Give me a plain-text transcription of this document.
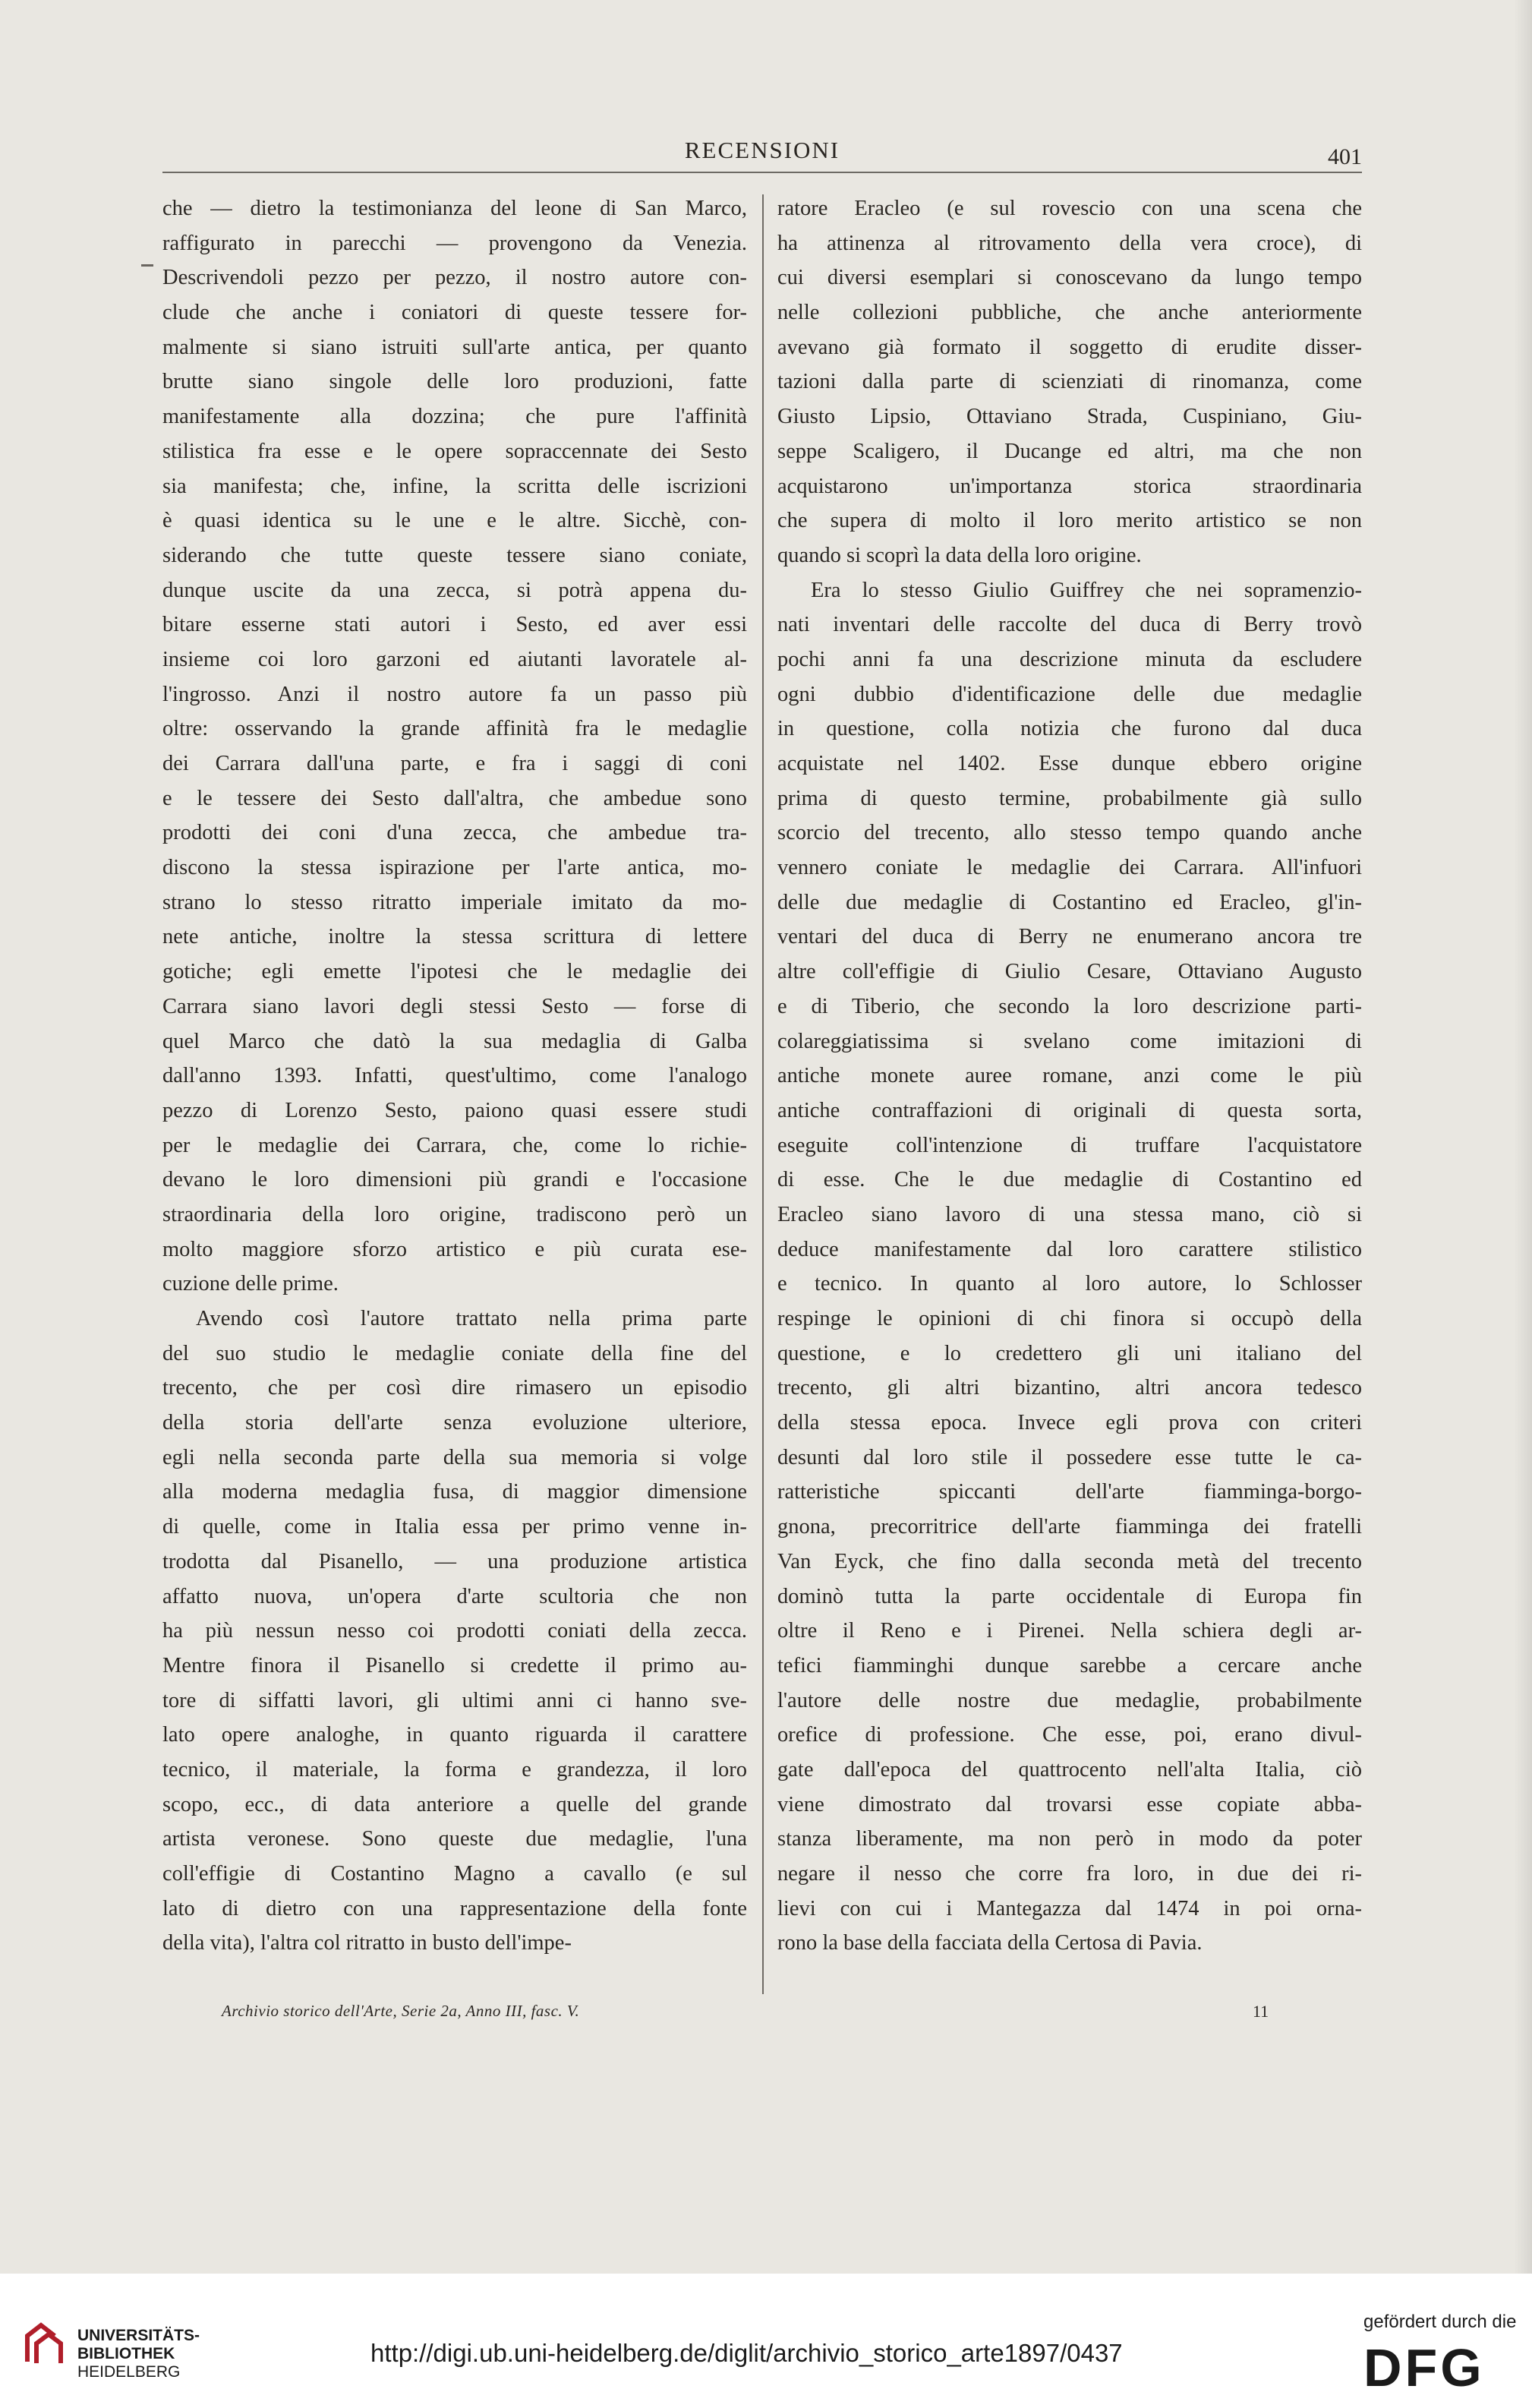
RECENSIONI	401
che — dietro la testimonianza del leone di San Marco,
raffigurato in parecchi — provengono da Venezia.
Descrivendoli pezzo per pezzo, il nostro autore con-
clude che anche i coniatori di queste tessere for-
malmente si siano istruiti sull'arte antica, per quanto
brutte siano singole delle loro produzioni, fatte
manifestamente alla dozzina; che pure l'affinità
stilistica fra esse e le opere sopraccennate dei Sesto
sia manifesta; che, infine, la scritta delle iscrizioni
è quasi identica su le une e le altre. Sicchè, con-
siderando che tutte queste tessere siano coniate,
dunque uscite da una zecca, si potrà appena du-
bitare esserne stati autori i Sesto, ed aver essi
insieme coi loro garzoni ed aiutanti lavoratele al-
l'ingrosso. Anzi il nostro autore fa un passo più
oltre: osservando la grande affinità fra le medaglie
dei Carrara dall'una parte, e fra i saggi di coni
e le tessere dei Sesto dall'altra, che ambedue sono
prodotti dei coni d'una zecca, che ambedue tra-
discono la stessa ispirazione per l'arte antica, mo-
strano lo stesso ritratto imperiale imitato da mo-
nete antiche, inoltre la stessa scrittura di lettere
gotiche; egli emette l'ipotesi che le medaglie dei
Carrara siano lavori degli stessi Sesto — forse di
quel Marco che datò la sua medaglia di Galba
dall'anno 1393. Infatti, quest'ultimo, come l'analogo
pezzo di Lorenzo Sesto, paiono quasi essere studi
per le medaglie dei Carrara, che, come lo richie-
devano le loro dimensioni più grandi e l'occasione
straordinaria della loro origine, tradiscono però un
molto maggiore sforzo artistico e più curata ese-
cuzione delle prime.
Avendo così l'autore trattato nella prima parte
del suo studio le medaglie coniate della fine del
trecento, che per così dire rimasero un episodio
della storia dell'arte senza evoluzione ulteriore,
egli nella seconda parte della sua memoria si volge
alla moderna medaglia fusa, di maggior dimensione
di quelle, come in Italia essa per primo venne in-
trodotta dal Pisanello, — una produzione artistica
affatto nuova, un'opera d'arte scultoria che non
ha più nessun nesso coi prodotti coniati della zecca.
Mentre finora il Pisanello si credette il primo au-
tore di siffatti lavori, gli ultimi anni ci hanno sve-
lato opere analoghe, in quanto riguarda il carattere
tecnico, il materiale, la forma e grandezza, il loro
scopo, ecc., di data anteriore a quelle del grande
artista veronese. Sono queste due medaglie, l'una
coll'effigie di Costantino Magno a cavallo (e sul
lato di dietro con una rappresentazione della fonte
della vita), l'altra col ritratto in busto dell'impe-
ratore Eracleo (e sul rovescio con una scena che
ha attinenza al ritrovamento della vera croce), di
cui diversi esemplari si conoscevano da lungo tempo
nelle collezioni pubbliche, che anche anteriormente
avevano già formato il soggetto di erudite disser-
tazioni dalla parte di scienziati di rinomanza, come
Giusto Lipsio, Ottaviano Strada, Cuspiniano, Giu-
seppe Scaligero, il Ducange ed altri, ma che non
acquistarono un'importanza storica straordinaria
che supera di molto il loro merito artistico se non
quando si scoprì la data della loro origine.
Era lo stesso Giulio Guiffrey che nei sopramenzio-
nati inventari delle raccolte del duca di Berry trovò
pochi anni fa una descrizione minuta da escludere
ogni dubbio d'identificazione delle due medaglie
in questione, colla notizia che furono dal duca
acquistate nel 1402. Esse dunque ebbero origine
prima di questo termine, probabilmente già sullo
scorcio del trecento, allo stesso tempo quando anche
vennero coniate le medaglie dei Carrara. All'infuori
delle due medaglie di Costantino ed Eracleo, gl'in-
ventari del duca di Berry ne enumerano ancora tre
altre coll'effigie di Giulio Cesare, Ottaviano Augusto
e di Tiberio, che secondo la loro descrizione parti-
colareggiatissima si svelano come imitazioni di
antiche monete auree romane, anzi come le più
antiche contraffazioni di originali di questa sorta,
eseguite coll'intenzione di truffare l'acquistatore
di esse. Che le due medaglie di Costantino ed
Eracleo siano lavoro di una stessa mano, ciò si
deduce manifestamente dal loro carattere stilistico
e tecnico. In quanto al loro autore, lo Schlosser
respinge le opinioni di chi finora si occupò della
questione, e lo credettero gli uni italiano del
trecento, gli altri bizantino, altri ancora tedesco
della stessa epoca. Invece egli prova con criteri
desunti dal loro stile il possedere esse tutte le ca-
ratteristiche spiccanti dell'arte fiamminga-borgo-
gnona, precorritrice dell'arte fiamminga dei fratelli
Van Eyck, che fino dalla seconda metà del trecento
dominò tutta la parte occidentale di Europa fin
oltre il Reno e i Pirenei. Nella schiera degli ar-
tefici fiamminghi dunque sarebbe a cercare anche
l'autore delle nostre due medaglie, probabilmente
orefice di professione. Che esse, poi, erano divul-
gate dall'epoca del quattrocento nell'alta Italia, ciò
viene dimostrato dal trovarsi esse copiate abba-
stanza liberamente, ma non però in modo da poter
negare il nesso che corre fra loro, in due dei ri-
lievi con cui i Mantegazza dal 1474 in poi orna-
rono la base della facciata della Certosa di Pavia.
Archivio storico dell'Arte, Serie 2a, Anno III, fasc. V.	11
UNIVERSITÄTS-
BIBLIOTHEK
HEIDELBERG
http://digi.ub.uni-heidelberg.de/diglit/archivio_storico_arte1897/0437
gefördert durch die
DFG
